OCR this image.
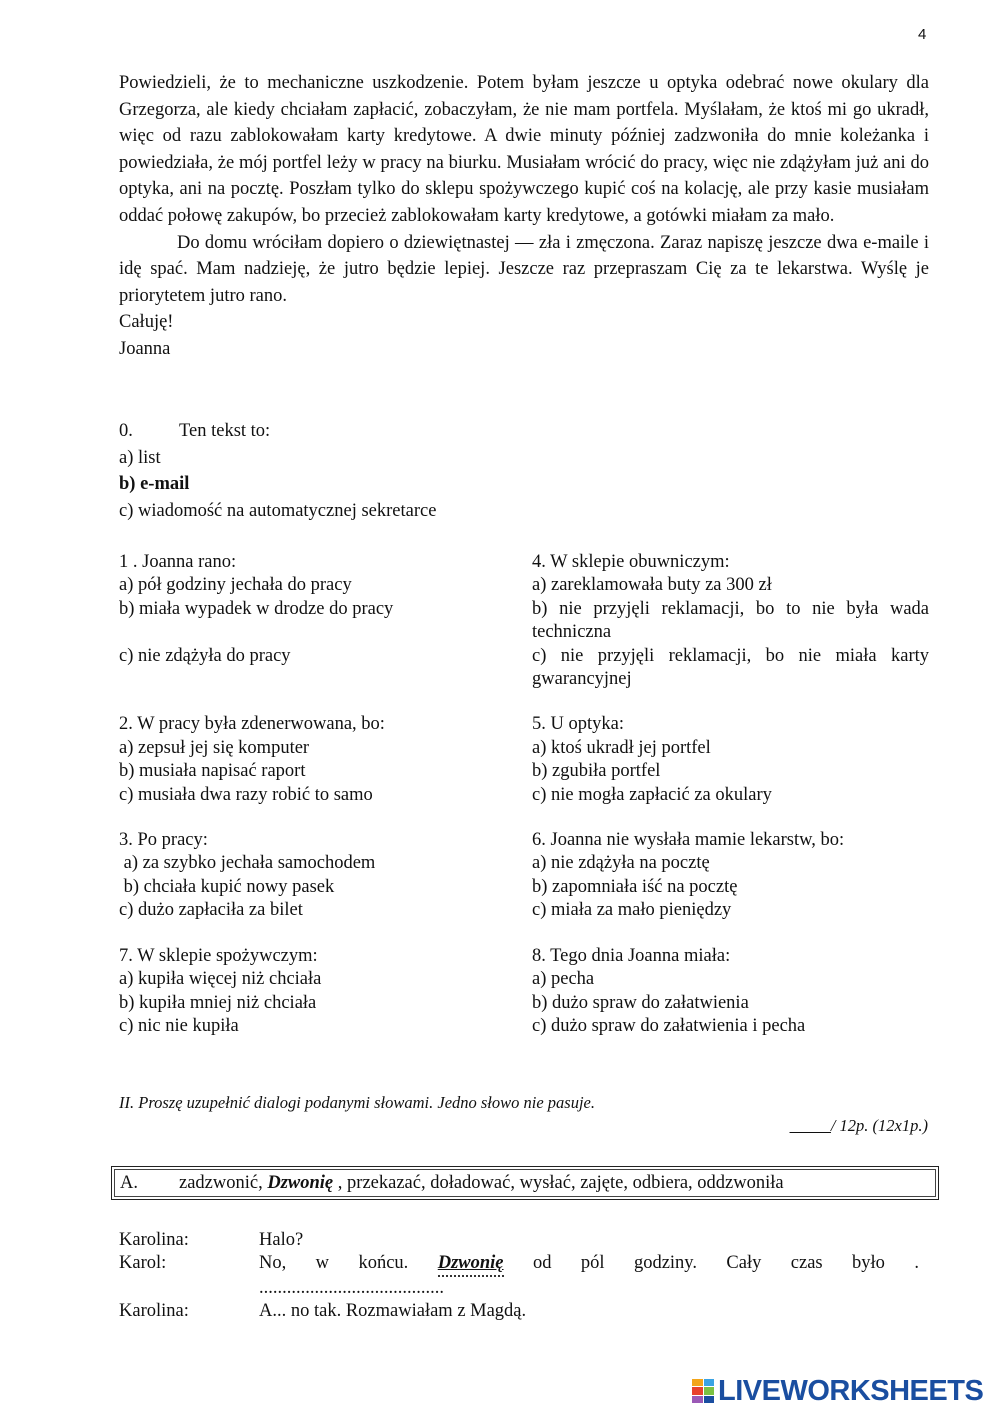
4

Powiedzieli, że to mechaniczne uszkodzenie. Potem byłam jeszcze u optyka odebrać nowe okulary dla Grzegorza, ale kiedy chciałam zapłacić, zobaczyłam, że nie mam portfela. Myślałam, że ktoś mi go ukradł, więc od razu zablokowałam karty kredytowe. A dwie minuty później zadzwoniła do mnie koleżanka i powiedziała, że mój portfel leży w pracy na biurku. Musiałam wrócić do pracy, więc nie zdążyłam już ani do optyka, ani na pocztę. Poszłam tylko do sklepu spożywczego kupić coś na kolację, ale przy kasie musiałam oddać połowę zakupów, bo przecież zablokowałam karty kredytowe, a gotówki miałam za mało.

Do domu wróciłam dopiero o dziewiętnastej — zła i zmęczona. Zaraz napiszę jeszcze dwa e-maile i idę spać. Mam nadzieję, że jutro będzie lepiej. Jeszcze raz przepraszam Cię za te lekarstwa. Wyślę je priorytetem jutro rano.

Całuję!

Joanna

0. Ten tekst to:
a) list
b) e-mail
c) wiadomość na automatycznej sekretarce
1 . Joanna rano:
a) pół godziny jechała do pracy
b) miała wypadek w drodze do pracy
c) nie zdążyła do pracy
4. W sklepie obuwniczym:
a) zareklamowała buty za 300 zł
b) nie przyjęli reklamacji, bo to nie była wada techniczna
c) nie przyjęli reklamacji, bo nie miała karty gwarancyjnej
2. W pracy była zdenerwowana, bo:
a) zepsuł jej się komputer
b) musiała napisać raport
c) musiała dwa razy robić to samo
5. U optyka:
a) ktoś ukradł jej portfel
b) zgubiła portfel
c) nie mogła zapłacić za okulary
3. Po pracy:
a) za szybko jechała samochodem
b) chciała kupić nowy pasek
c) dużo zapłaciła za bilet
6. Joanna nie wysłała mamie lekarstw, bo:
a) nie zdążyła na pocztę
b) zapomniała iść na pocztę
c) miała za mało pieniędzy
7. W sklepie spożywczym:
a) kupiła więcej niż chciała
b) kupiła mniej niż chciała
c) nic nie kupiła
8. Tego dnia Joanna miała:
a) pecha
b) dużo spraw do załatwienia
c) dużo spraw do załatwienia i pecha
II. Proszę uzupełnić dialogi podanymi słowami. Jedno słowo nie pasuje.
_____/ 12p. (12x1p.)
A. zadzwonić, Dzwonię , przekazać, doładować, wysłać, zajęte, odbiera, oddzwoniła
Karolina:	Halo?
Karol:	No, w końcu. Dzwonię od pól godziny. Cały czas było .
........................................
Karolina:	A... no tak. Rozmawiałam z Magdą.
LIVEWORKSHEETS
